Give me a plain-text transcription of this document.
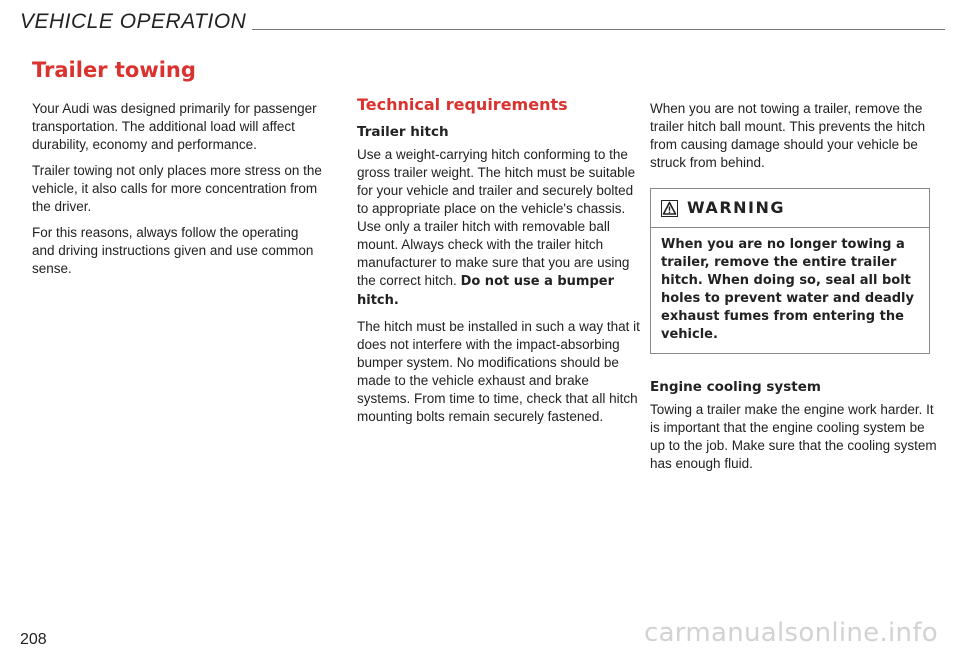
VEHICLE OPERATION
Trailer towing

Your Audi was designed primarily for passenger transportation. The additional load will affect durability, economy and performance.

Trailer towing not only places more stress on the vehicle, it also calls for more concentration from the driver.

For this reasons, always follow the operating and driving instructions given and use common sense.

Technical requirements
Trailer hitch

Use a weight-carrying hitch conforming to the gross trailer weight. The hitch must be suitable for your vehicle and trailer and securely bolted to appropriate place on the vehicle's chassis. Use only a trailer hitch with removable ball mount. Always check with the trailer hitch manufacturer to make sure that you are using the correct hitch. Do not use a bumper hitch.

The hitch must be installed in such a way that it does not interfere with the impact-absorbing bumper system. No modifications should be made to the vehicle exhaust and brake systems. From time to time, check that all hitch mounting bolts remain securely fastened.

When you are not towing a trailer, remove the trailer hitch ball mount. This prevents the hitch from causing damage should your vehicle be struck from behind.

WARNING
When you are no longer towing a trailer, remove the entire trailer hitch. When doing so, seal all bolt holes to prevent water and deadly exhaust fumes from entering the vehicle.
Engine cooling system

Towing a trailer make the engine work harder. It is important that the engine cooling system be up to the job. Make sure that the cooling system has enough fluid.

208	carmanualsonline.info
